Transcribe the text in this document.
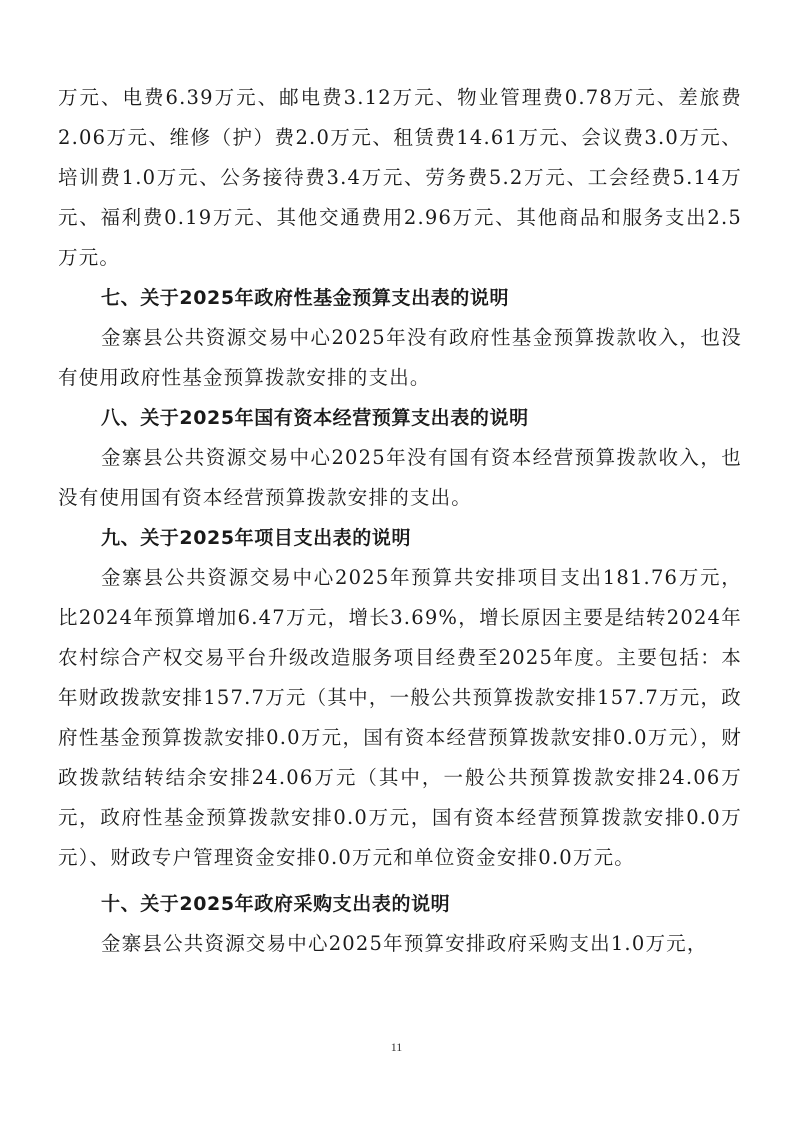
万元、电费6.39万元、邮电费3.12万元、物业管理费0.78万元、差旅费2.06万元、维修（护）费2.0万元、租赁费14.61万元、会议费3.0万元、培训费1.0万元、公务接待费3.4万元、劳务费5.2万元、工会经费5.14万元、福利费0.19万元、其他交通费用2.96万元、其他商品和服务支出2.5万元。

七、关于2025年政府性基金预算支出表的说明

金寨县公共资源交易中心2025年没有政府性基金预算拨款收入，也没有使用政府性基金预算拨款安排的支出。

八、关于2025年国有资本经营预算支出表的说明

金寨县公共资源交易中心2025年没有国有资本经营预算拨款收入，也没有使用国有资本经营预算拨款安排的支出。

九、关于2025年项目支出表的说明

金寨县公共资源交易中心2025年预算共安排项目支出181.76万元，比2024年预算增加6.47万元，增长3.69%，增长原因主要是结转2024年农村综合产权交易平台升级改造服务项目经费至2025年度。主要包括：本年财政拨款安排157.7万元（其中，一般公共预算拨款安排157.7万元，政府性基金预算拨款安排0.0万元，国有资本经营预算拨款安排0.0万元），财政拨款结转结余安排24.06万元（其中，一般公共预算拨款安排24.06万元，政府性基金预算拨款安排0.0万元，国有资本经营预算拨款安排0.0万元）、财政专户管理资金安排0.0万元和单位资金安排0.0万元。

十、关于2025年政府采购支出表的说明

金寨县公共资源交易中心2025年预算安排政府采购支出1.0万元，

11
